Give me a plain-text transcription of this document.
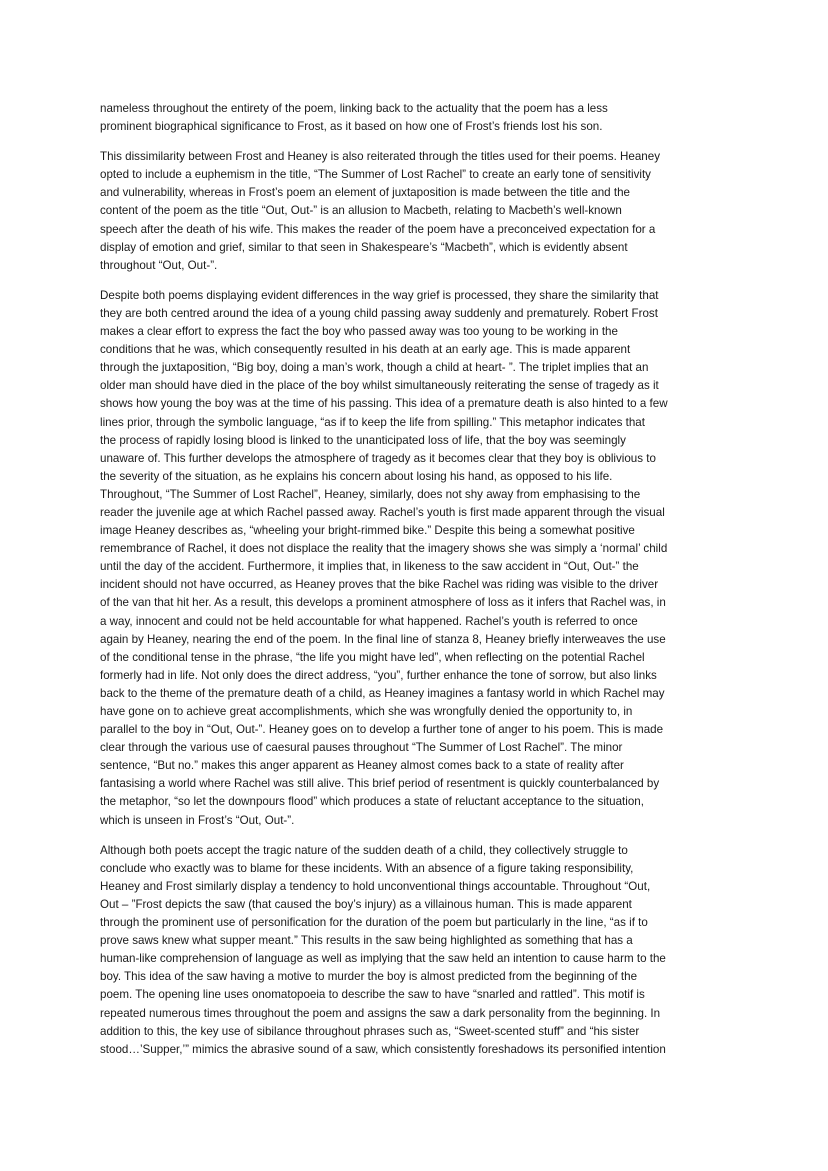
nameless throughout the entirety of the poem, linking back to the actuality that the poem has a less
prominent biographical significance to Frost, as it based on how one of Frost’s friends lost his son.
This dissimilarity between Frost and Heaney is also reiterated through the titles used for their poems. Heaney
opted to include a euphemism in the title, “The Summer of Lost Rachel” to create an early tone of sensitivity
and vulnerability, whereas in Frost’s poem an element of juxtaposition is made between the title and the
content of the poem as the title “Out, Out-” is an allusion to Macbeth, relating to Macbeth’s well-known
speech after the death of his wife. This makes the reader of the poem have a preconceived expectation for a
display of emotion and grief, similar to that seen in Shakespeare’s “Macbeth”, which is evidently absent
throughout “Out, Out-”.
Despite both poems displaying evident differences in the way grief is processed, they share the similarity that
they are both centred around the idea of a young child passing away suddenly and prematurely. Robert Frost
makes a clear effort to express the fact the boy who passed away was too young to be working in the
conditions that he was, which consequently resulted in his death at an early age. This is made apparent
through the juxtaposition, “Big boy, doing a man’s work, though a child at heart- ”. The triplet implies that an
older man should have died in the place of the boy whilst simultaneously reiterating the sense of tragedy as it
shows how young the boy was at the time of his passing. This idea of a premature death is also hinted to a few
lines prior, through the symbolic language, “as if to keep the life from spilling.” This metaphor indicates that
the process of rapidly losing blood is linked to the unanticipated loss of life, that the boy was seemingly
unaware of. This further develops the atmosphere of tragedy as it becomes clear that they boy is oblivious to
the severity of the situation, as he explains his concern about losing his hand, as opposed to his life.
Throughout, “The Summer of Lost Rachel”, Heaney, similarly, does not shy away from emphasising to the
reader the juvenile age at which Rachel passed away. Rachel’s youth is first made apparent through the visual
image Heaney describes as, “wheeling your bright-rimmed bike.” Despite this being a somewhat positive
remembrance of Rachel, it does not displace the reality that the imagery shows she was simply a ‘normal’ child
until the day of the accident. Furthermore, it implies that, in likeness to the saw accident in “Out, Out-” the
incident should not have occurred, as Heaney proves that the bike Rachel was riding was visible to the driver
of the van that hit her. As a result, this develops a prominent atmosphere of loss as it infers that Rachel was, in
a way, innocent and could not be held accountable for what happened. Rachel’s youth is referred to once
again by Heaney, nearing the end of the poem. In the final line of stanza 8, Heaney briefly interweaves the use
of the conditional tense in the phrase, “the life you might have led”, when reflecting on the potential Rachel
formerly had in life. Not only does the direct address, “you”, further enhance the tone of sorrow, but also links
back to the theme of the premature death of a child, as Heaney imagines a fantasy world in which Rachel may
have gone on to achieve great accomplishments, which she was wrongfully denied the opportunity to, in
parallel to the boy in “Out, Out-”. Heaney goes on to develop a further tone of anger to his poem. This is made
clear through the various use of caesural pauses throughout “The Summer of Lost Rachel”. The minor
sentence, “But no.” makes this anger apparent as Heaney almost comes back to a state of reality after
fantasising a world where Rachel was still alive. This brief period of resentment is quickly counterbalanced by
the metaphor, “so let the downpours flood” which produces a state of reluctant acceptance to the situation,
which is unseen in Frost’s “Out, Out-”.
Although both poets accept the tragic nature of the sudden death of a child, they collectively struggle to
conclude who exactly was to blame for these incidents. With an absence of a figure taking responsibility,
Heaney and Frost similarly display a tendency to hold unconventional things accountable. Throughout “Out,
Out – ”Frost depicts the saw (that caused the boy’s injury) as a villainous human. This is made apparent
through the prominent use of personification for the duration of the poem but particularly in the line, “as if to
prove saws knew what supper meant.” This results in the saw being highlighted as something that has a
human-like comprehension of language as well as implying that the saw held an intention to cause harm to the
boy. This idea of the saw having a motive to murder the boy is almost predicted from the beginning of the
poem. The opening line uses onomatopoeia to describe the saw to have “snarled and rattled”. This motif is
repeated numerous times throughout the poem and assigns the saw a dark personality from the beginning. In
addition to this, the key use of sibilance throughout phrases such as, “Sweet-scented stuff” and “his sister
stood…’Supper,’” mimics the abrasive sound of a saw, which consistently foreshadows its personified intention
